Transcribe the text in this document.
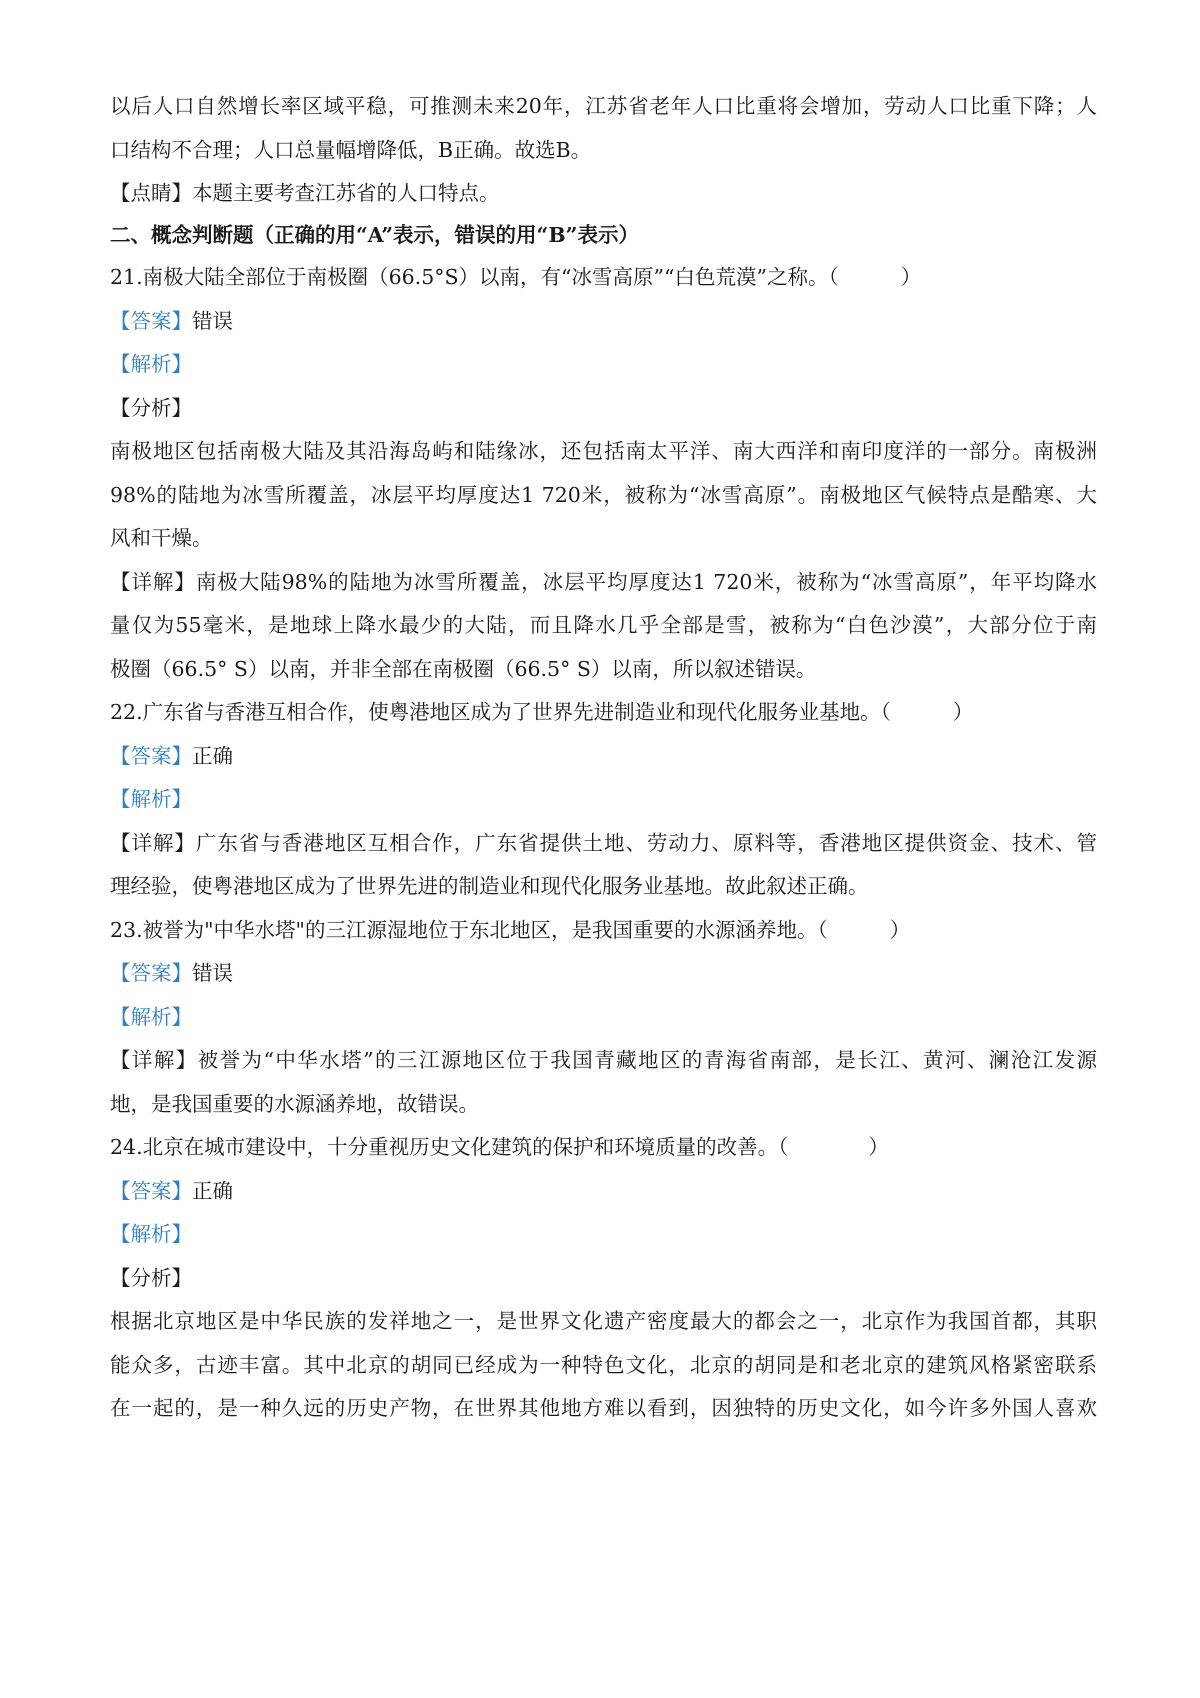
以后人口自然增长率区域平稳，可推测未来20年，江苏省老年人口比重将会增加，劳动人口比重下降；人
口结构不合理；人口总量幅增降低，B正确。故选B。
【点睛】本题主要考查江苏省的人口特点。
二、概念判断题（正确的用“A”表示，错误的用“B”表示）
21.南极大陆全部位于南极圈（66.5°S）以南，有“冰雪高原”“白色荒漠”之称。（	）
【答案】错误
【解析】
【分析】
南极地区包括南极大陆及其沿海岛屿和陆缘冰，还包括南太平洋、南大西洋和南印度洋的一部分。南极洲
98%的陆地为冰雪所覆盖，冰层平均厚度达1 720米，被称为“冰雪高原”。南极地区气候特点是酷寒、大
风和干燥。
【详解】南极大陆98%的陆地为冰雪所覆盖，冰层平均厚度达1 720米，被称为“冰雪高原”，年平均降水
量仅为55毫米，是地球上降水最少的大陆，而且降水几乎全部是雪，被称为“白色沙漠”，大部分位于南
极圈（66.5° S）以南，并非全部在南极圈（66.5° S）以南，所以叙述错误。
22.广东省与香港互相合作，使粤港地区成为了世界先进制造业和现代化服务业基地。（	）
【答案】正确
【解析】
【详解】广东省与香港地区互相合作，广东省提供土地、劳动力、原料等，香港地区提供资金、技术、管
理经验，使粤港地区成为了世界先进的制造业和现代化服务业基地。故此叙述正确。
23.被誉为"中华水塔"的三江源湿地位于东北地区，是我国重要的水源涵养地。（	）
【答案】错误
【解析】
【详解】被誉为“中华水塔”的三江源地区位于我国青藏地区的青海省南部，是长江、黄河、澜沧江发源
地，是我国重要的水源涵养地，故错误。
24.北京在城市建设中，十分重视历史文化建筑的保护和环境质量的改善。（	）
【答案】正确
【解析】
【分析】
根据北京地区是中华民族的发祥地之一，是世界文化遗产密度最大的都会之一，北京作为我国首都，其职
能众多，古迹丰富。其中北京的胡同已经成为一种特色文化，北京的胡同是和老北京的建筑风格紧密联系
在一起的，是一种久远的历史产物，在世界其他地方难以看到，因独特的历史文化，如今许多外国人喜欢
